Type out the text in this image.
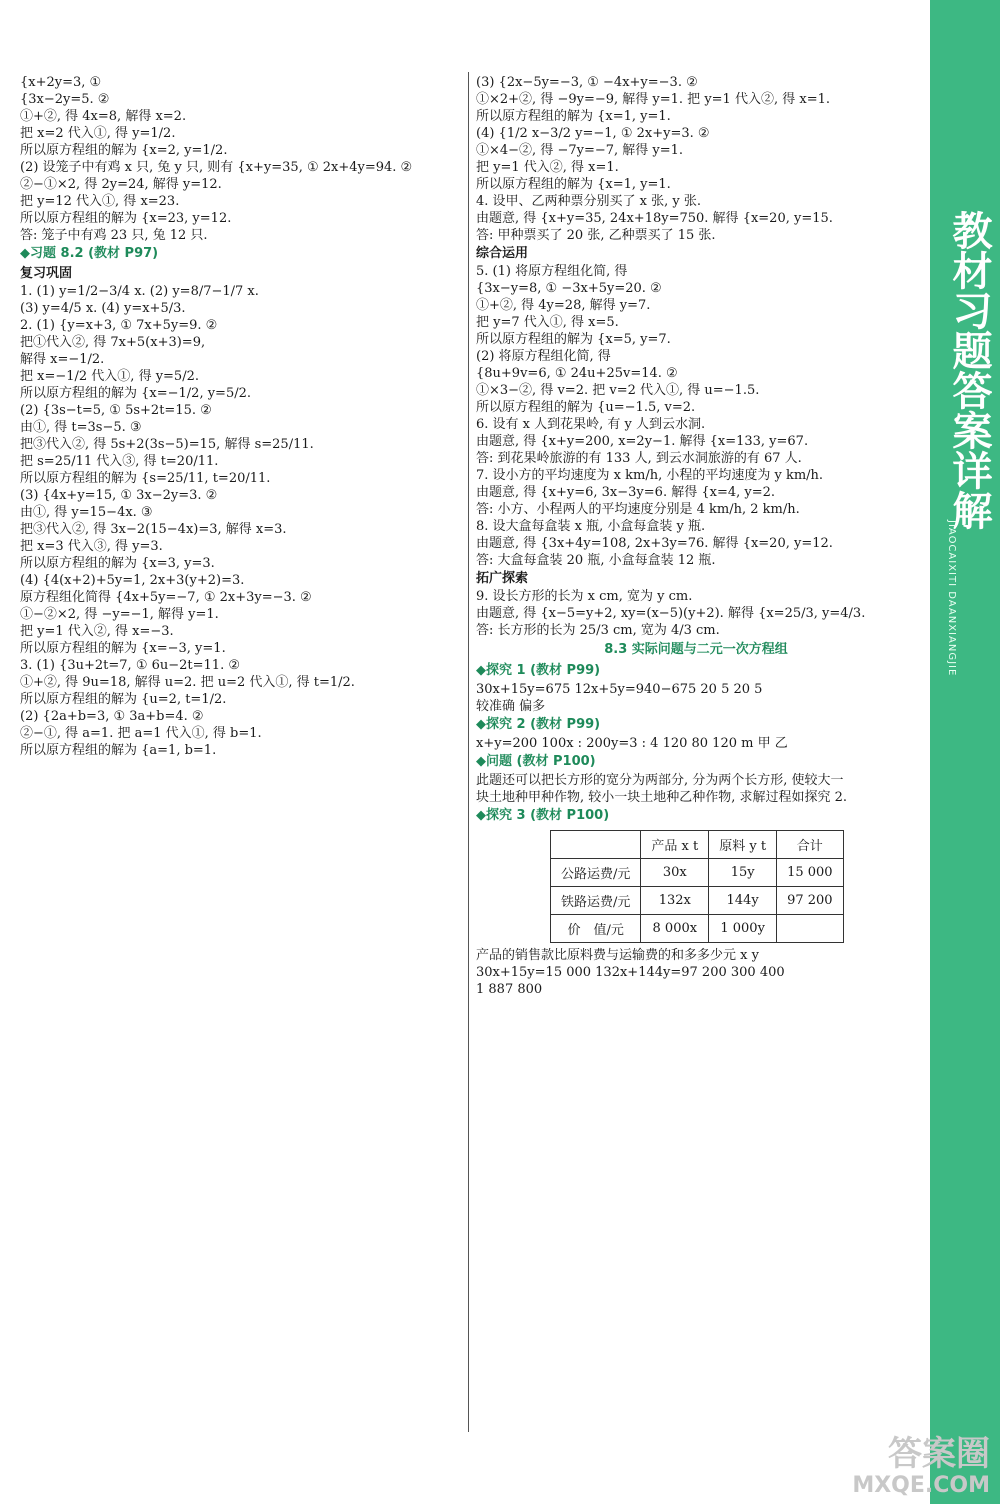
{x+2y=3, ①
{3x−2y=5. ②
①+②, 得 4x=8, 解得 x=2.
把 x=2 代入①, 得 y=1/2.
所以原方程组的解为 {x=2, y=1/2.
(2) 设笼子中有鸡 x 只, 兔 y 只, 则有 {x+y=35, ① 2x+4y=94. ②
②−①×2, 得 2y=24, 解得 y=12.
把 y=12 代入①, 得 x=23.
所以原方程组的解为 {x=23, y=12.
答: 笼子中有鸡 23 只, 兔 12 只.
◆习题 8.2 (教材 P97)
复习巩固
1. (1) y=1/2−3/4 x. (2) y=8/7−1/7 x.
(3) y=4/5 x. (4) y=x+5/3.
2. (1) {y=x+3, ① 7x+5y=9. ②
把①代入②, 得 7x+5(x+3)=9,
解得 x=−1/2.
把 x=−1/2 代入①, 得 y=5/2.
所以原方程组的解为 {x=−1/2, y=5/2.
(2) {3s−t=5, ① 5s+2t=15. ②
由①, 得 t=3s−5. ③
把③代入②, 得 5s+2(3s−5)=15, 解得 s=25/11.
把 s=25/11 代入③, 得 t=20/11.
所以原方程组的解为 {s=25/11, t=20/11.
(3) {4x+y=15, ① 3x−2y=3. ②
由①, 得 y=15−4x. ③
把③代入②, 得 3x−2(15−4x)=3, 解得 x=3.
把 x=3 代入③, 得 y=3.
所以原方程组的解为 {x=3, y=3.
(4) {4(x+2)+5y=1, 2x+3(y+2)=3.
原方程组化简得 {4x+5y=−7, ① 2x+3y=−3. ②
①−②×2, 得 −y=−1, 解得 y=1.
把 y=1 代入②, 得 x=−3.
所以原方程组的解为 {x=−3, y=1.
3. (1) {3u+2t=7, ① 6u−2t=11. ②
①+②, 得 9u=18, 解得 u=2. 把 u=2 代入①, 得 t=1/2.
所以原方程组的解为 {u=2, t=1/2.
(2) {2a+b=3, ① 3a+b=4. ②
②−①, 得 a=1. 把 a=1 代入①, 得 b=1.
所以原方程组的解为 {a=1, b=1.
(3) {2x−5y=−3, ① −4x+y=−3. ②
①×2+②, 得 −9y=−9, 解得 y=1. 把 y=1 代入②, 得 x=1.
所以原方程组的解为 {x=1, y=1.
(4) {1/2 x−3/2 y=−1, ① 2x+y=3. ②
①×4−②, 得 −7y=−7, 解得 y=1.
把 y=1 代入②, 得 x=1.
所以原方程组的解为 {x=1, y=1.
4. 设甲、乙两种票分别买了 x 张, y 张.
由题意, 得 {x+y=35, 24x+18y=750. 解得 {x=20, y=15.
答: 甲种票买了 20 张, 乙种票买了 15 张.
综合运用
5. (1) 将原方程组化简, 得
{3x−y=8, ① −3x+5y=20. ②
①+②, 得 4y=28, 解得 y=7.
把 y=7 代入①, 得 x=5.
所以原方程组的解为 {x=5, y=7.
(2) 将原方程组化简, 得
{8u+9v=6, ① 24u+25v=14. ②
①×3−②, 得 v=2. 把 v=2 代入①, 得 u=−1.5.
所以原方程组的解为 {u=−1.5, v=2.
6. 设有 x 人到花果岭, 有 y 人到云水洞.
由题意, 得 {x+y=200, x=2y−1. 解得 {x=133, y=67.
答: 到花果岭旅游的有 133 人, 到云水洞旅游的有 67 人.
7. 设小方的平均速度为 x km/h, 小程的平均速度为 y km/h.
由题意, 得 {x+y=6, 3x−3y=6. 解得 {x=4, y=2.
答: 小方、小程两人的平均速度分别是 4 km/h, 2 km/h.
8. 设大盒每盒装 x 瓶, 小盒每盒装 y 瓶.
由题意, 得 {3x+4y=108, 2x+3y=76. 解得 {x=20, y=12.
答: 大盒每盒装 20 瓶, 小盒每盒装 12 瓶.
拓广探索
9. 设长方形的长为 x cm, 宽为 y cm.
由题意, 得 {x−5=y+2, xy=(x−5)(y+2). 解得 {x=25/3, y=4/3.
答: 长方形的长为 25/3 cm, 宽为 4/3 cm.
8.3 实际问题与二元一次方程组
◆探究 1 (教材 P99)
30x+15y=675 12x+5y=940−675 20 5 20 5
较准确 偏多
◆探究 2 (教材 P99)
x+y=200 100x : 200y=3 : 4 120 80 120 m 甲 乙
◆问题 (教材 P100)
此题还可以把长方形的宽分为两部分, 分为两个长方形, 使较大一
块土地种甲种作物, 较小一块土地种乙种作物, 求解过程如探究 2.
◆探究 3 (教材 P100)
	产品 x t	原料 y t	合计
公路运费/元	30x	15y	15 000
铁路运费/元	132x	144y	97 200
价　值/元	8 000x	1 000y	
产品的销售款比原料费与运输费的和多多少元 x y
30x+15y=15 000 132x+144y=97 200 300 400
1 887 800
教材习题答案详解
JIAOCAIXITI DAANXIANGJIE
答案圈
MXQE.COM
